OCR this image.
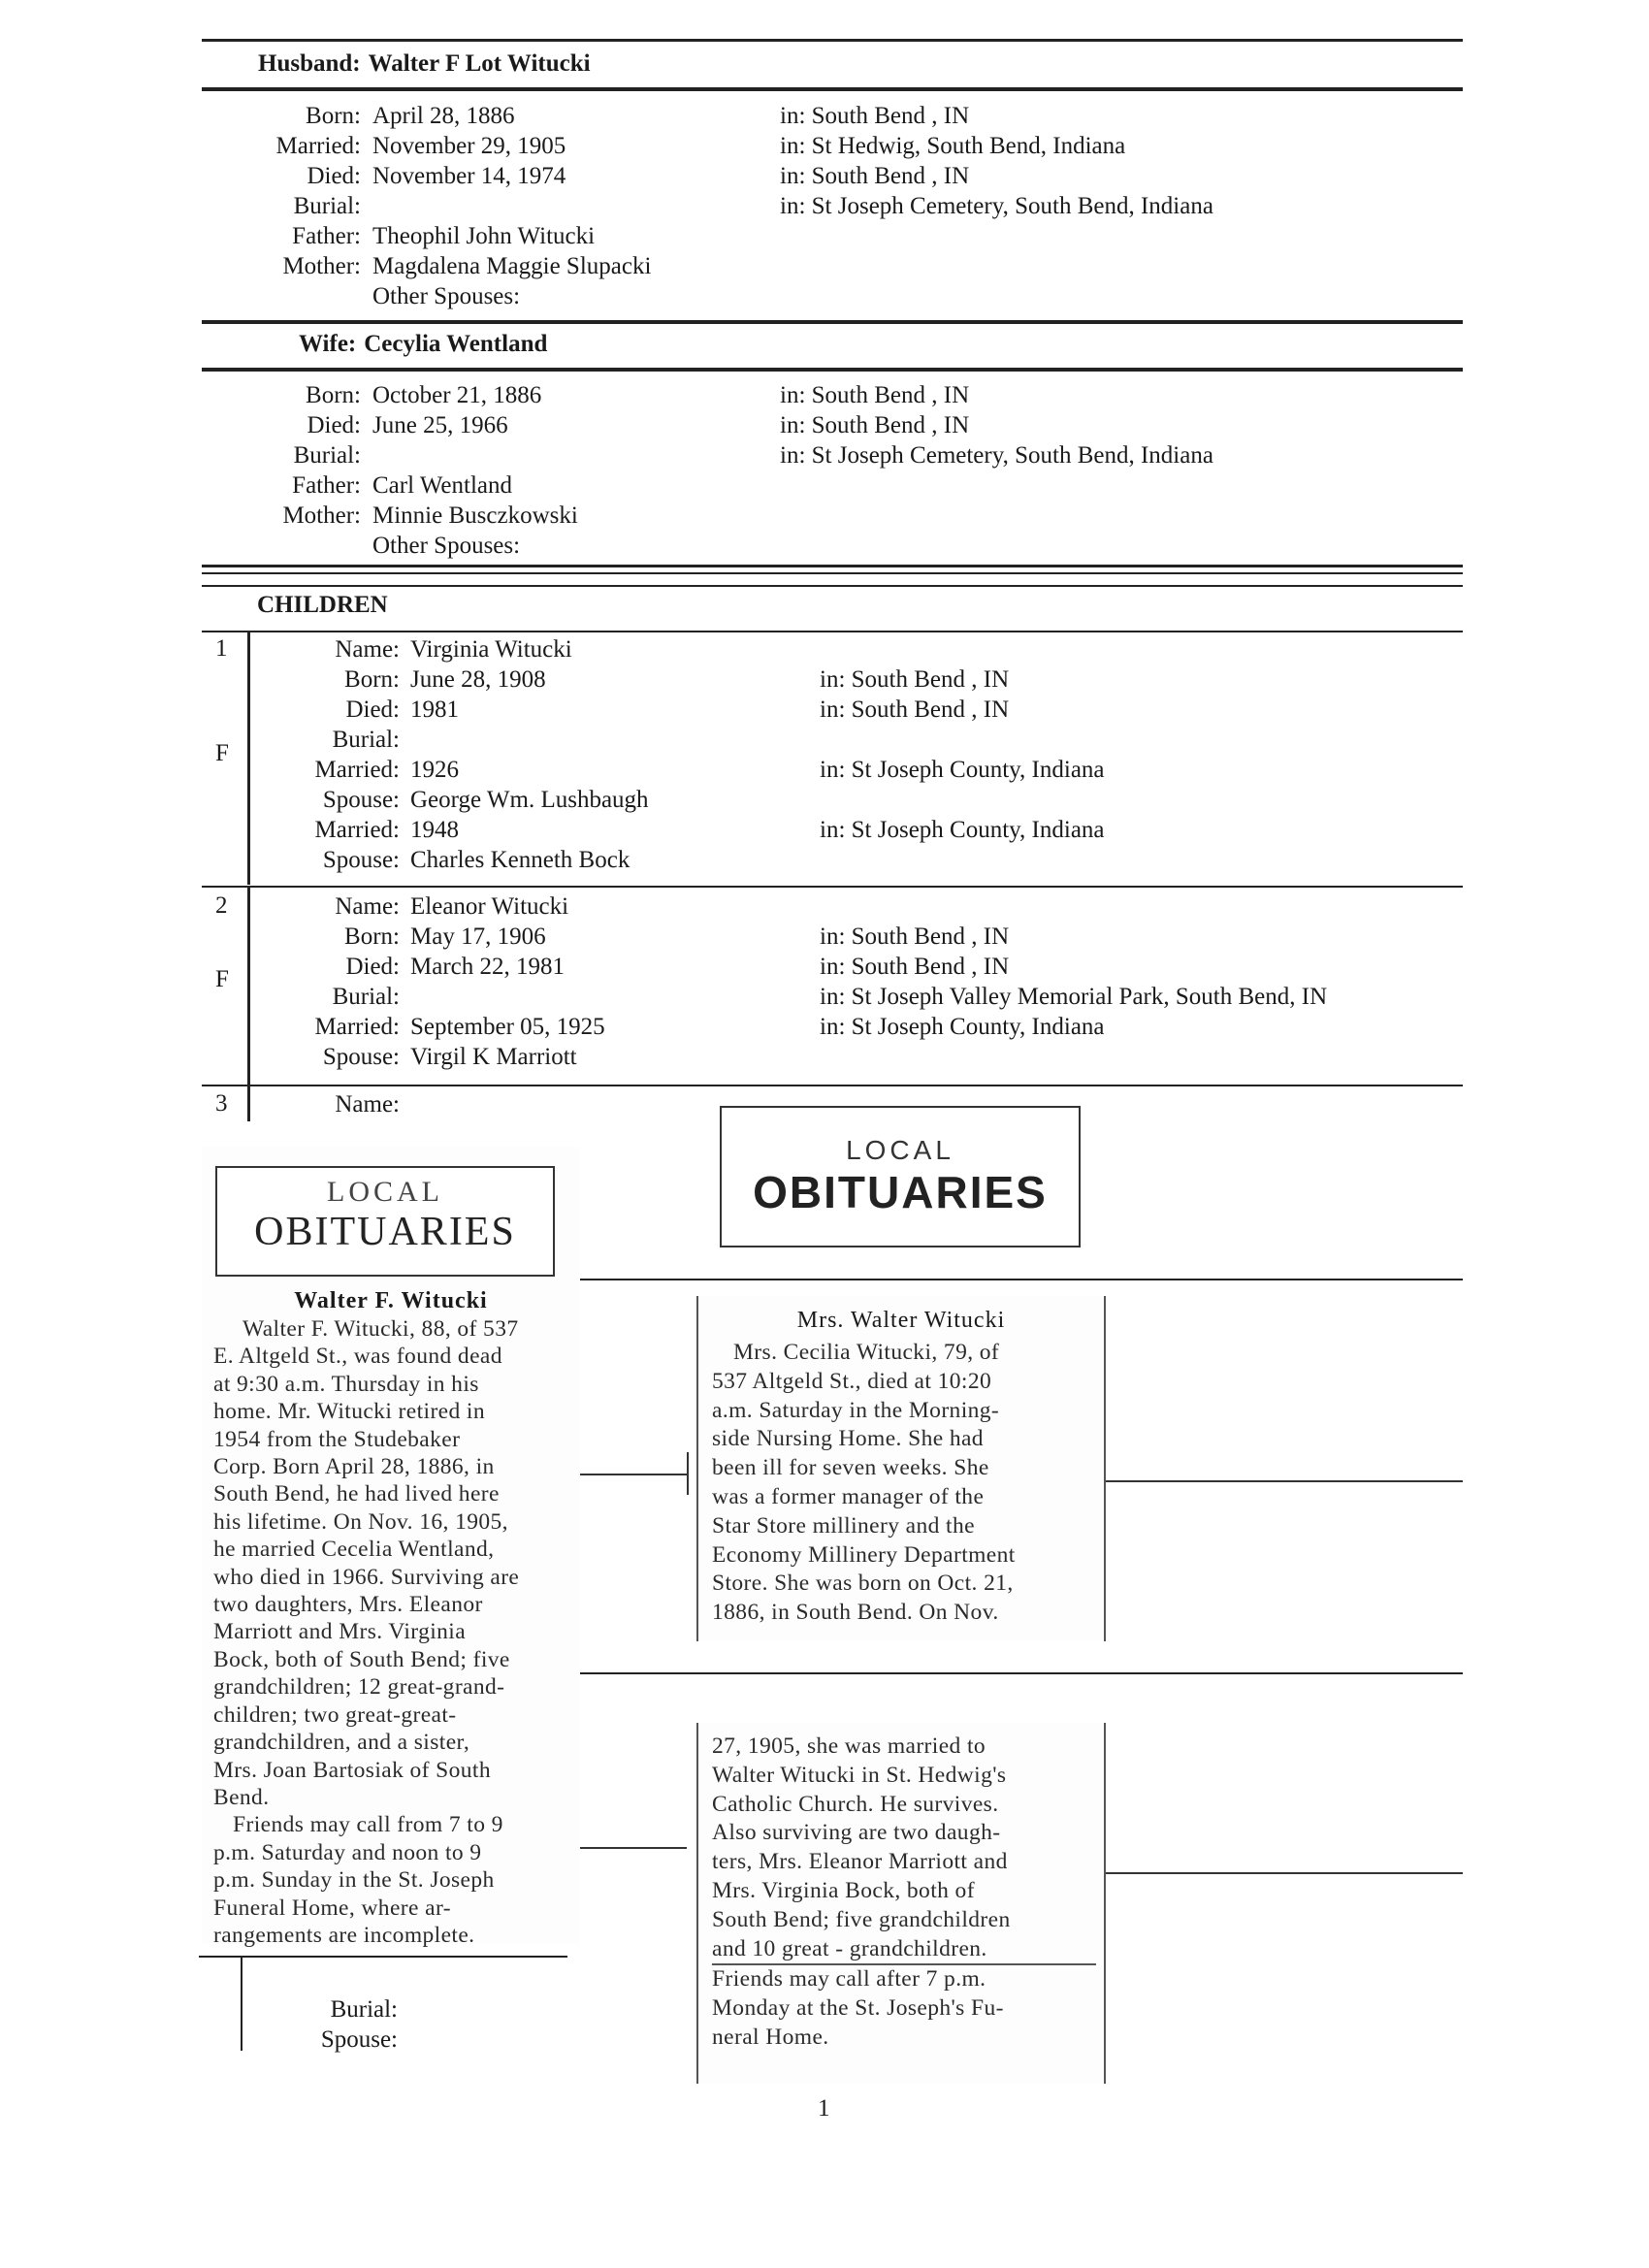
Husband: Walter F Lot Witucki
Born:
Married:
Died:
Burial:
Father:
Mother:
April 28, 1886
November 29, 1905
November 14, 1974
Theophil John Witucki
Magdalena Maggie Slupacki
Other Spouses:
in: South Bend , IN
in: St Hedwig, South Bend, Indiana
in: South Bend , IN
in: St Joseph Cemetery, South Bend, Indiana
Wife: Cecylia Wentland
Born:
Died:
Burial:
Father:
Mother:
October 21, 1886
June 25, 1966
Carl Wentland
Minnie Busczkowski
Other Spouses:
in: South Bend , IN
in: South Bend , IN
in: St Joseph Cemetery, South Bend, Indiana
CHILDREN
1
F
Name:
Born:
Died:
Burial:
Married:
Spouse:
Married:
Spouse:
Virginia Witucki
June 28, 1908
1981
1926
George Wm. Lushbaugh
1948
Charles Kenneth Bock
in: South Bend , IN
in: South Bend , IN
in: St Joseph County, Indiana
in: St Joseph County, Indiana
2
F
Name:
Born:
Died:
Burial:
Married:
Spouse:
Eleanor Witucki
May 17, 1906
March 22, 1981
September 05, 1925
Virgil K Marriott
in: South Bend , IN
in: South Bend , IN
in: St Joseph Valley Memorial Park, South Bend, IN
in: St Joseph County, Indiana
3	Name:
Burial:
Spouse:
LOCAL
OBITUARIES
Walter F. Witucki
Walter F. Witucki, 88, of 537
E. Altgeld St., was found dead
at 9:30 a.m. Thursday in his
home. Mr. Witucki retired in
1954 from the Studebaker
Corp. Born April 28, 1886, in
South Bend, he had lived here
his lifetime. On Nov. 16, 1905,
he married Cecelia Wentland,
who died in 1966. Surviving are
two daughters, Mrs. Eleanor
Marriott and Mrs. Virginia
Bock, both of South Bend; five
grandchildren; 12 great-grand-
children; two great-great-
grandchildren, and a sister,
Mrs. Joan Bartosiak of South
Bend.
Friends may call from 7 to 9
p.m. Saturday and noon to 9
p.m. Sunday in the St. Joseph
Funeral Home, where ar-
rangements are incomplete.
LOCAL
OBITUARIES
Mrs. Walter Witucki
Mrs. Cecilia Witucki, 79, of
537 Altgeld St., died at 10:20
a.m. Saturday in the Morning-
side Nursing Home. She had
been ill for seven weeks. She
was a former manager of the
Star Store millinery and the
Economy Millinery Department
Store. She was born on Oct. 21,
1886, in South Bend. On Nov.
27, 1905, she was married to
Walter Witucki in St. Hedwig's
Catholic Church. He survives.
Also surviving are two daugh-
ters, Mrs. Eleanor Marriott and
Mrs. Virginia Bock, both of
South Bend; five grandchildren
and 10 great - grandchildren.
Friends may call after 7 p.m.
Monday at the St. Joseph's Fu-
neral Home.
1
